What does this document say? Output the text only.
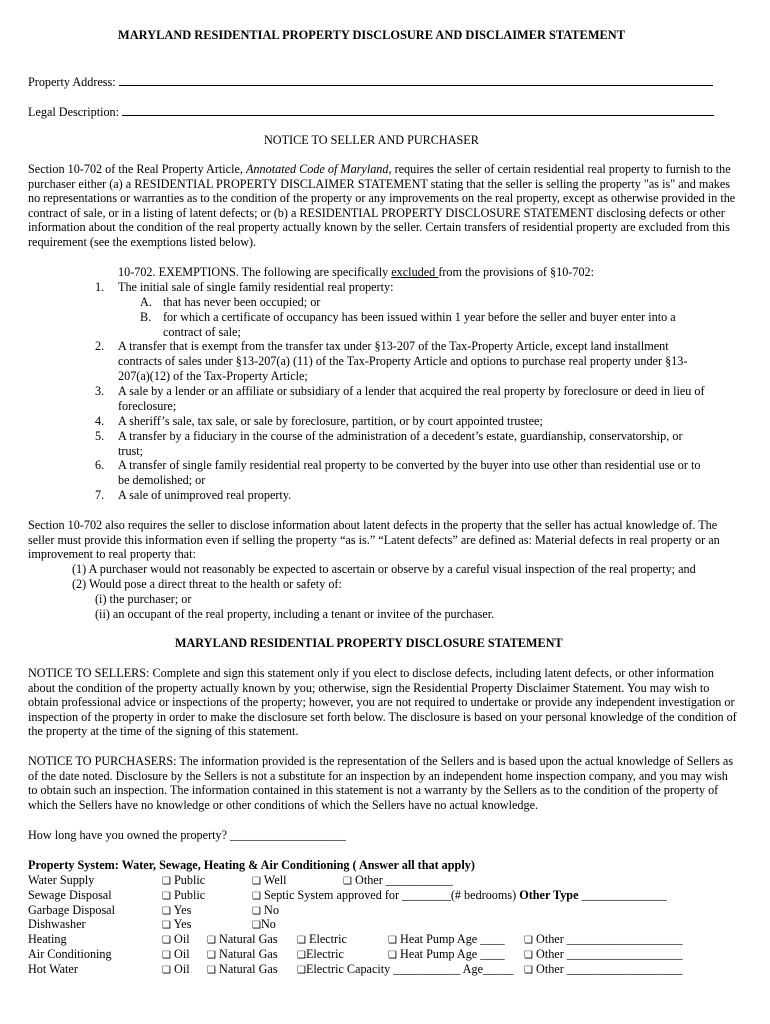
MARYLAND RESIDENTIAL PROPERTY DISCLOSURE AND DISCLAIMER STATEMENT
Property Address:
Legal Description:
NOTICE TO SELLER AND PURCHASER
Section 10-702 of the Real Property Article, Annotated Code of Maryland, requires the seller of certain residential real property to furnish to the purchaser either (a) a RESIDENTIAL PROPERTY DISCLAIMER STATEMENT stating that the seller is selling the property "as is" and makes no representations or warranties as to the condition of the property or any improvements on the real property, except as otherwise provided in the contract of sale, or in a listing of latent defects; or (b) a RESIDENTIAL PROPERTY DISCLOSURE STATEMENT disclosing defects or other information about the condition of the real property actually known by the seller. Certain transfers of residential property are excluded from this requirement (see the exemptions listed below).
10-702. EXEMPTIONS. The following are specifically excluded from the provisions of §10-702:
1. The initial sale of single family residential real property:
A. that has never been occupied; or
B. for which a certificate of occupancy has been issued within 1 year before the seller and buyer enter into a
contract of sale;
2. A transfer that is exempt from the transfer tax under §13-207 of the Tax-Property Article, except land installment
contracts of sales under §13-207(a) (11) of the Tax-Property Article and options to purchase real property under §13-
207(a)(12) of the Tax-Property Article;
3. A sale by a lender or an affiliate or subsidiary of a lender that acquired the real property by foreclosure or deed in lieu of
foreclosure;
4. A sheriff’s sale, tax sale, or sale by foreclosure, partition, or by court appointed trustee;
5. A transfer by a fiduciary in the course of the administration of a decedent’s estate, guardianship, conservatorship, or
trust;
6. A transfer of single family residential real property to be converted by the buyer into use other than residential use or to
be demolished; or
7. A sale of unimproved real property.
Section 10-702 also requires the seller to disclose information about latent defects in the property that the seller has actual knowledge of. The seller must provide this information even if selling the property “as is.” “Latent defects” are defined as: Material defects in real property or an improvement to real property that:
(1) A purchaser would not reasonably be expected to ascertain or observe by a careful visual inspection of the real property; and
(2) Would pose a direct threat to the health or safety of:
(i) the purchaser; or
(ii) an occupant of the real property, including a tenant or invitee of the purchaser.
MARYLAND RESIDENTIAL PROPERTY DISCLOSURE STATEMENT
NOTICE TO SELLERS: Complete and sign this statement only if you elect to disclose defects, including latent defects, or other information about the condition of the property actually known by you; otherwise, sign the Residential Property Disclaimer Statement. You may wish to obtain professional advice or inspections of the property; however, you are not required to undertake or provide any independent investigation or inspection of the property in order to make the disclosure set forth below. The disclosure is based on your personal knowledge of the condition of the property at the time of the signing of this statement.
NOTICE TO PURCHASERS: The information provided is the representation of the Sellers and is based upon the actual knowledge of Sellers as of the date noted. Disclosure by the Sellers is not a substitute for an inspection by an independent home inspection company, and you may wish to obtain such an inspection. The information contained in this statement is not a warranty by the Sellers as to the condition of the property of which the Sellers have no knowledge or other conditions of which the Sellers have no actual knowledge.
How long have you owned the property? ___________________
Property System: Water, Sewage, Heating & Air Conditioning ( Answer all that apply)
Water Supply	❑ Public	❑ Well	❑ Other ___________
Sewage Disposal	❑ Public	❑ Septic System approved for ________(# bedrooms) Other Type ______________
Garbage Disposal	❑ Yes	❑ No
Dishwasher	❑ Yes	❑No
Heating	❑ Oil ❑ Natural Gas ❑ Electric	❑ Heat Pump Age ____ ❑ Other ___________________
Air Conditioning	❑ Oil ❑ Natural Gas ❑Electric	❑ Heat Pump Age ____ ❑ Other ___________________
Hot Water	❑ Oil ❑ Natural Gas ❑Electric Capacity ___________ Age_____ ❑ Other ___________________
